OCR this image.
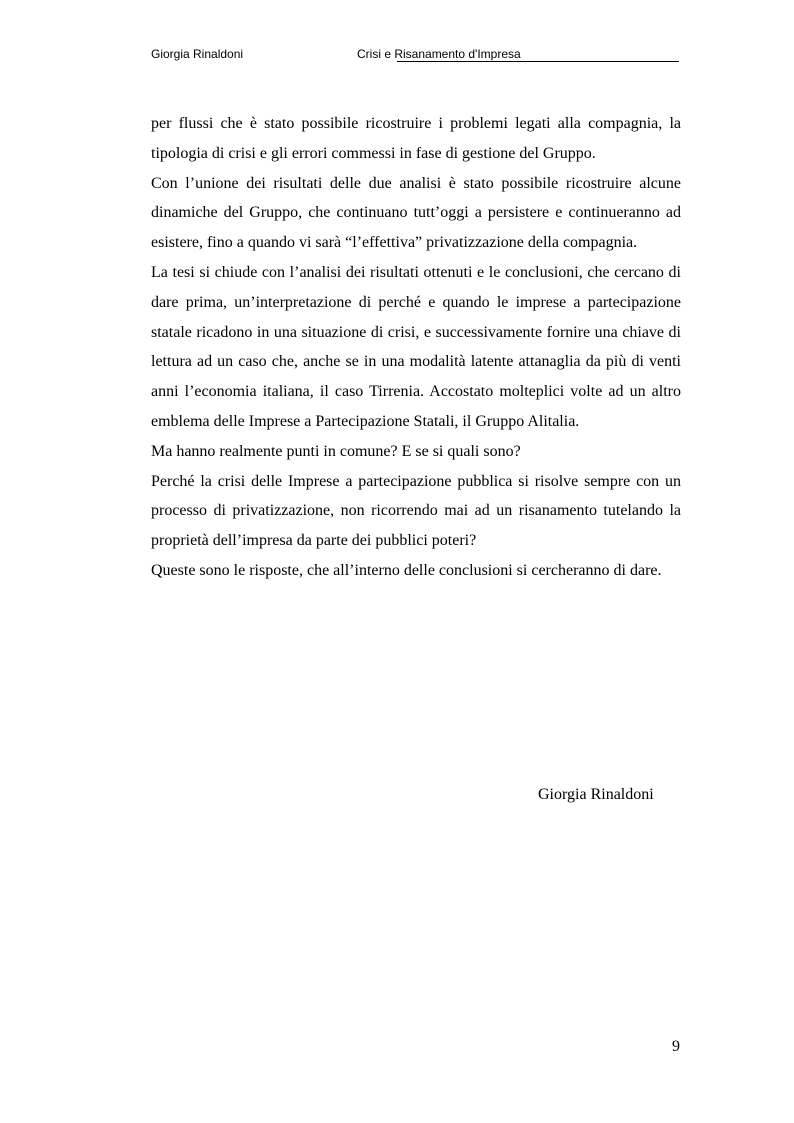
Giorgia Rinaldoni	Crisi e Risanamento d'Impresa

per flussi che è stato possibile ricostruire i problemi legati alla compagnia, la tipologia di crisi e gli errori commessi in fase di gestione del Gruppo.

Con l’unione dei risultati delle due analisi è stato possibile ricostruire alcune dinamiche del Gruppo, che continuano tutt’oggi a persistere e continueranno ad esistere, fino a quando vi sarà “l’effettiva” privatizzazione della compagnia.

La tesi si chiude con l’analisi dei risultati ottenuti e le conclusioni, che cercano di dare prima, un’interpretazione di perché e quando le imprese a partecipazione statale ricadono in una situazione di crisi, e successivamente fornire una chiave di lettura ad un caso che, anche se in una modalità latente attanaglia da più di venti anni l’economia italiana, il caso Tirrenia. Accostato molteplici volte ad un altro emblema delle Imprese a Partecipazione Statali, il Gruppo Alitalia.

Ma hanno realmente punti in comune? E se si quali sono?

Perché la crisi delle Imprese a partecipazione pubblica si risolve sempre con un processo di privatizzazione, non ricorrendo mai ad un risanamento tutelando la proprietà dell’impresa da parte dei pubblici poteri?

Queste sono le risposte, che all’interno delle conclusioni si cercheranno di dare.

Giorgia Rinaldoni
9
